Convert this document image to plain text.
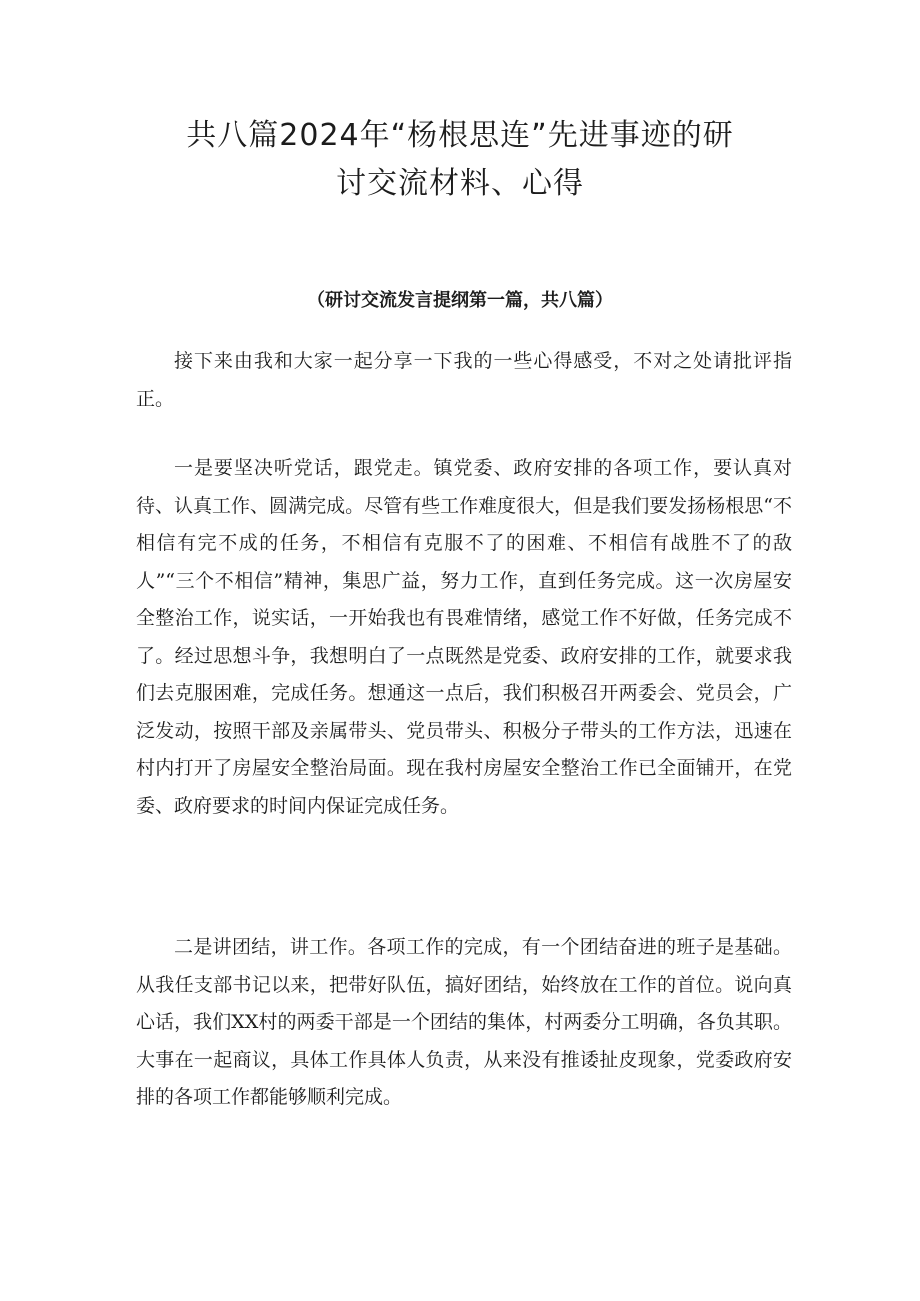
共八篇2024年“杨根思连”先进事迹的研
讨交流材料、心得

（研讨交流发言提纲第一篇，共八篇）

接下来由我和大家一起分享一下我的一些心得感受，不对之处请批评指正。

一是要坚决听党话，跟党走。镇党委、政府安排的各项工作，要认真对待、认真工作、圆满完成。尽管有些工作难度很大，但是我们要发扬杨根思“不相信有完不成的任务，不相信有克服不了的困难、不相信有战胜不了的敌人”“三个不相信”精神，集思广益，努力工作，直到任务完成。这一次房屋安全整治工作，说实话，一开始我也有畏难情绪，感觉工作不好做，任务完成不了。经过思想斗争，我想明白了一点既然是党委、政府安排的工作，就要求我们去克服困难，完成任务。想通这一点后，我们积极召开两委会、党员会，广泛发动，按照干部及亲属带头、党员带头、积极分子带头的工作方法，迅速在村内打开了房屋安全整治局面。现在我村房屋安全整治工作已全面铺开，在党委、政府要求的时间内保证完成任务。

二是讲团结，讲工作。各项工作的完成，有一个团结奋进的班子是基础。从我任支部书记以来，把带好队伍，搞好团结，始终放在工作的首位。说向真心话，我们XX村的两委干部是一个团结的集体，村两委分工明确，各负其职。大事在一起商议，具体工作具体人负责，从来没有推诿扯皮现象，党委政府安排的各项工作都能够顺利完成。
